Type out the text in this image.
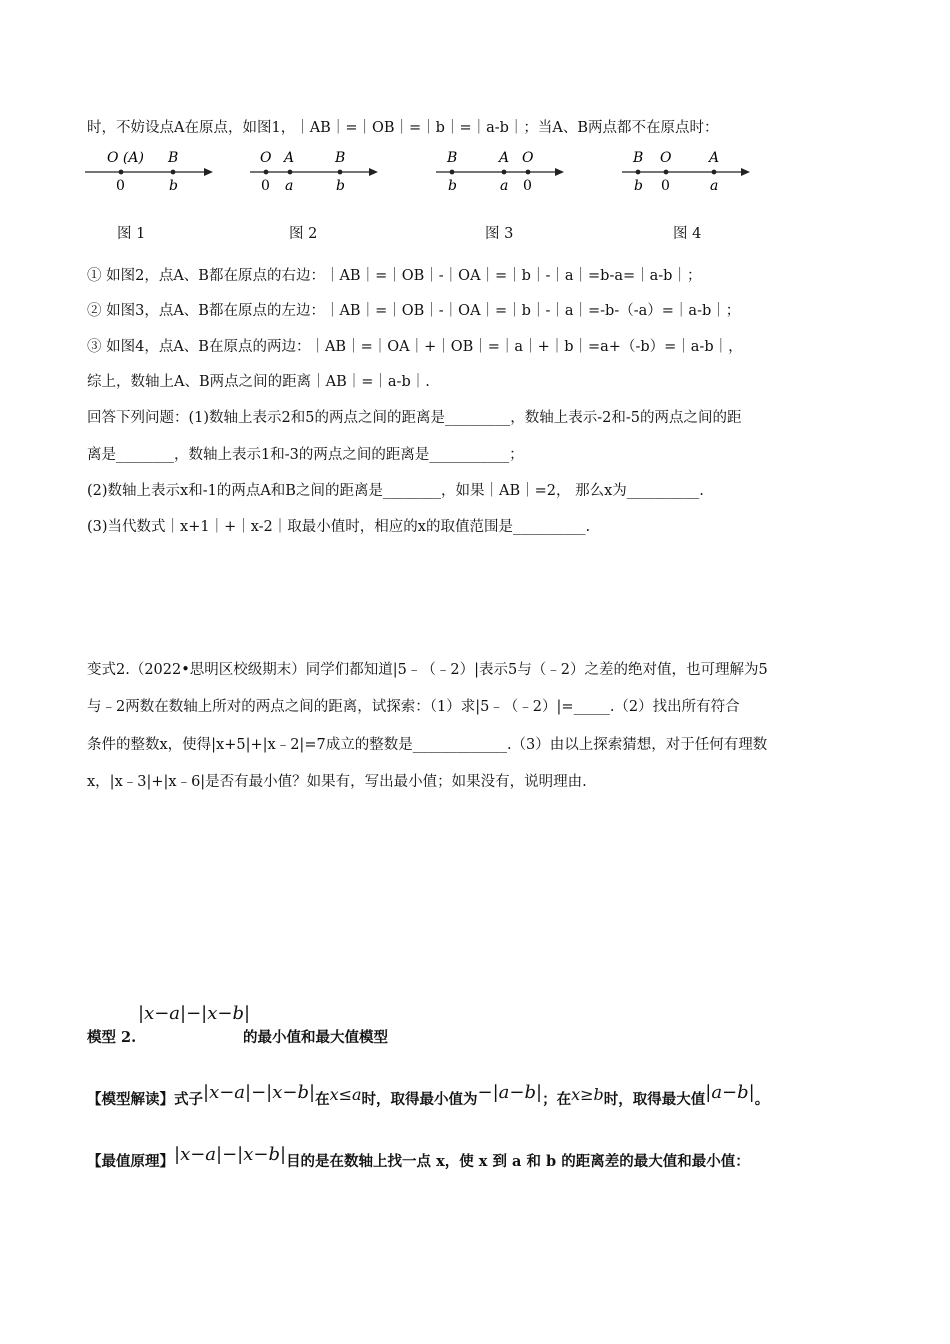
时，不妨设点A在原点，如图1，｜AB｜=｜OB｜=｜b｜=｜a-b｜；当A、B两点都不在原点时：
O (A) B
0	b
O A	B
0 a	b
B	A O
b	a 0
B O	A
b 0	a
图 1	图 2	图 3	图 4
① 如图2，点A、B都在原点的右边：｜AB｜=｜OB｜-｜OA｜=｜b｜-｜a｜=b-a=｜a-b｜；
② 如图3，点A、B都在原点的左边：｜AB｜=｜OB｜-｜OA｜=｜b｜-｜a｜=-b-（-a）=｜a-b｜；
③ 如图4，点A、B在原点的两边：｜AB｜=｜OA｜+｜OB｜=｜a｜+｜b｜=a+（-b）=｜a-b｜，
综上，数轴上A、B两点之间的距离｜AB｜=｜a-b｜.
回答下列问题：(1)数轴上表示2和5的两点之间的距离是_________，数轴上表示-2和-5的两点之间的距
离是________，数轴上表示1和-3的两点之间的距离是___________；
(2)数轴上表示x和-1的两点A和B之间的距离是________，如果｜AB｜=2， 那么x为__________.
(3)当代数式｜x+1｜+｜x-2｜取最小值时，相应的x的取值范围是__________.
变式2.（2022•思明区校级期末）同学们都知道|5﹣（﹣2）|表示5与（﹣2）之差的绝对值，也可理解为5
与﹣2两数在数轴上所对的两点之间的距离，试探索：（1）求|5﹣（﹣2）|=_____.（2）找出所有符合
条件的整数x，使得|x+5|+|x﹣2|=7成立的整数是_____________.（3）由以上探索猜想，对于任何有理数
x，|x﹣3|+|x﹣6|是否有最小值？如果有，写出最小值；如果没有，说明理由.
模型 2.
|x−a|−|x−b|
的最小值和最大值模型
【模型解读】式子|x−a|−|x−b|在x≤a时，取得最小值为−|a−b|；在x≥b时，取得最大值|a−b|。
【最值原理】|x−a|−|x−b|目的是在数轴上找一点 x，使 x 到 a 和 b 的距离差的最大值和最小值：
